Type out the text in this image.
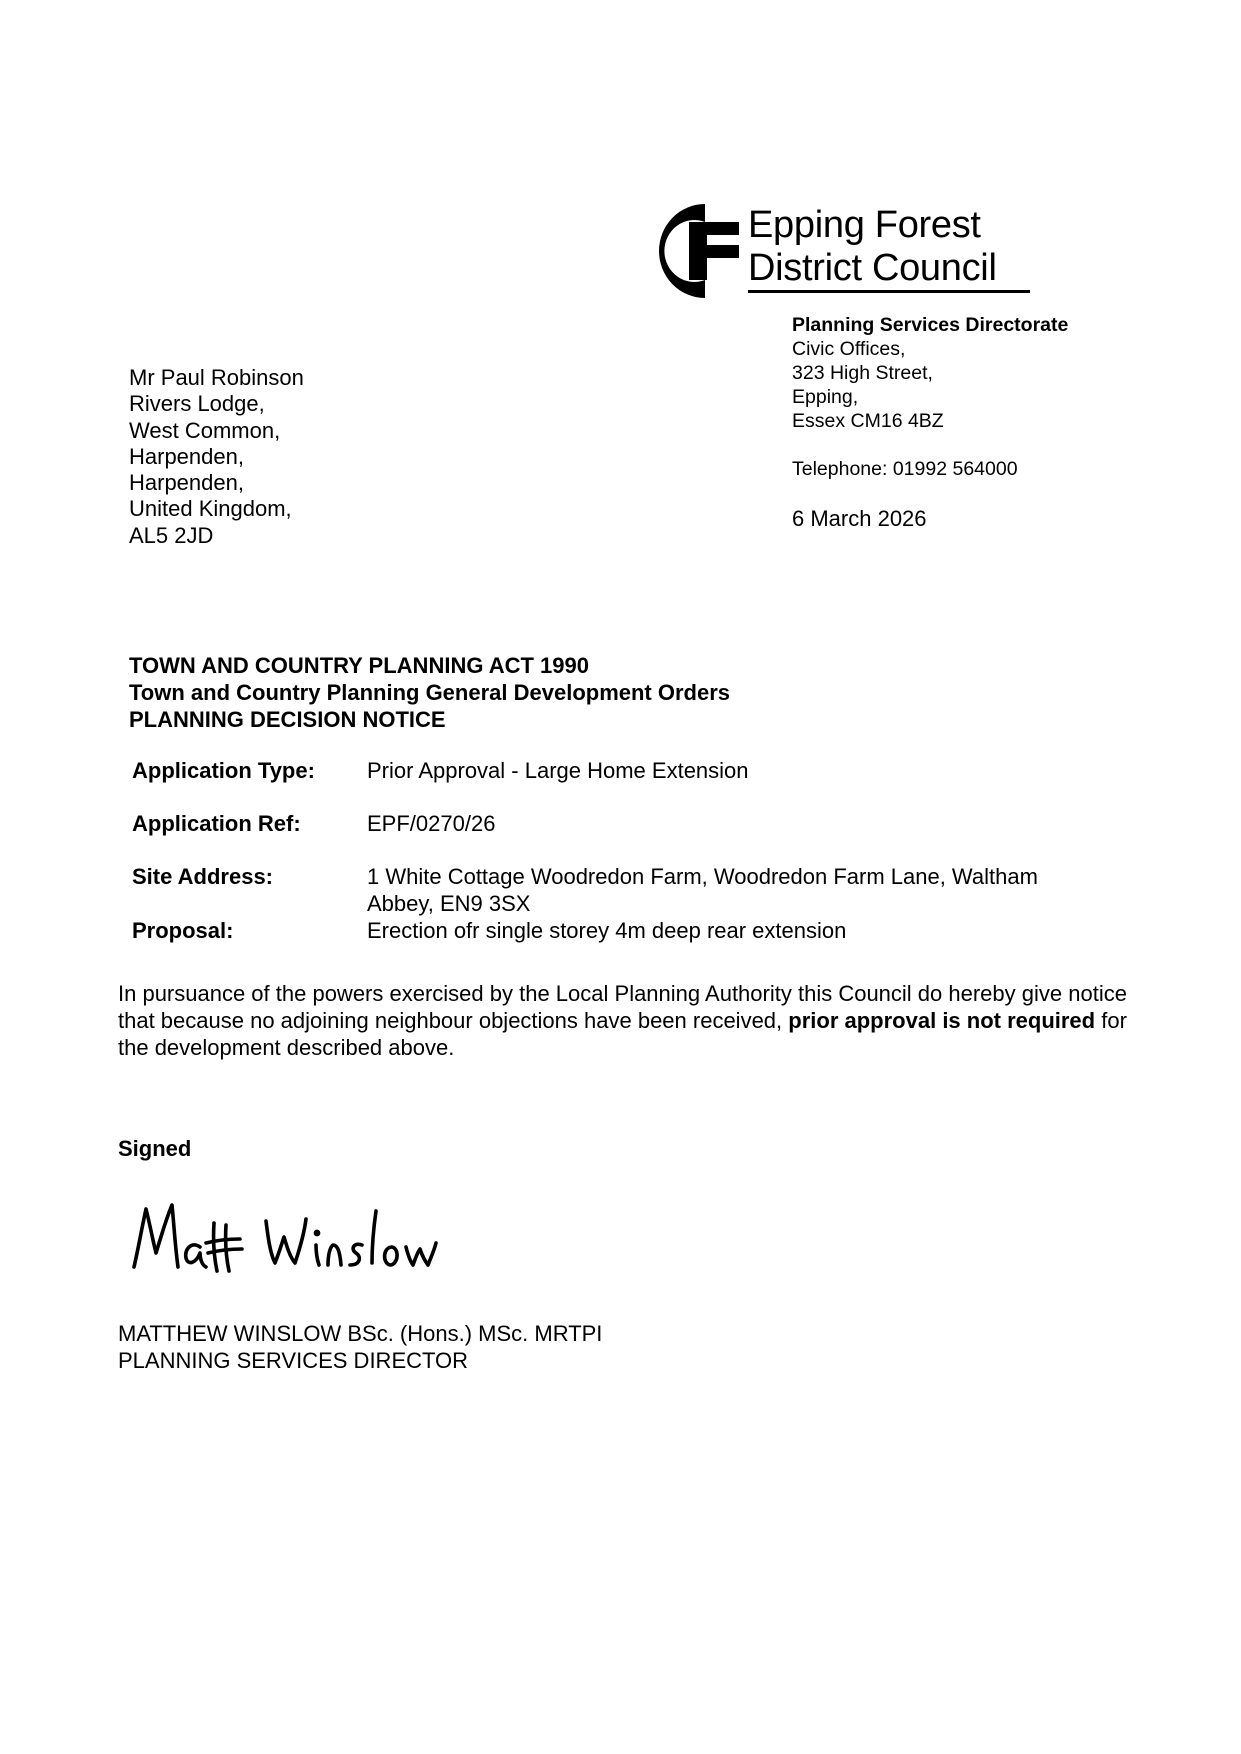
Epping Forest
District Council
Planning Services Directorate
Civic Offices,
323 High Street,
Epping,
Essex CM16 4BZ
Telephone: 01992 564000
6 March 2026
Mr Paul Robinson
Rivers Lodge,
West Common,
Harpenden,
Harpenden,
United Kingdom,
AL5 2JD
TOWN AND COUNTRY PLANNING ACT 1990
Town and Country Planning General Development Orders
PLANNING DECISION NOTICE
Application Type: Prior Approval - Large Home Extension
Application Ref:	EPF/0270/26
Site Address:	1 White Cottage Woodredon Farm, Woodredon Farm Lane, Waltham Abbey, EN9 3SX
Proposal:	Erection ofr single storey 4m deep rear extension
In pursuance of the powers exercised by the Local Planning Authority this Council do hereby give notice that because no adjoining neighbour objections have been received, prior approval is not required for the development described above.
Signed
Matt Winslow
MATTHEW WINSLOW BSc. (Hons.) MSc. MRTPI
PLANNING SERVICES DIRECTOR
